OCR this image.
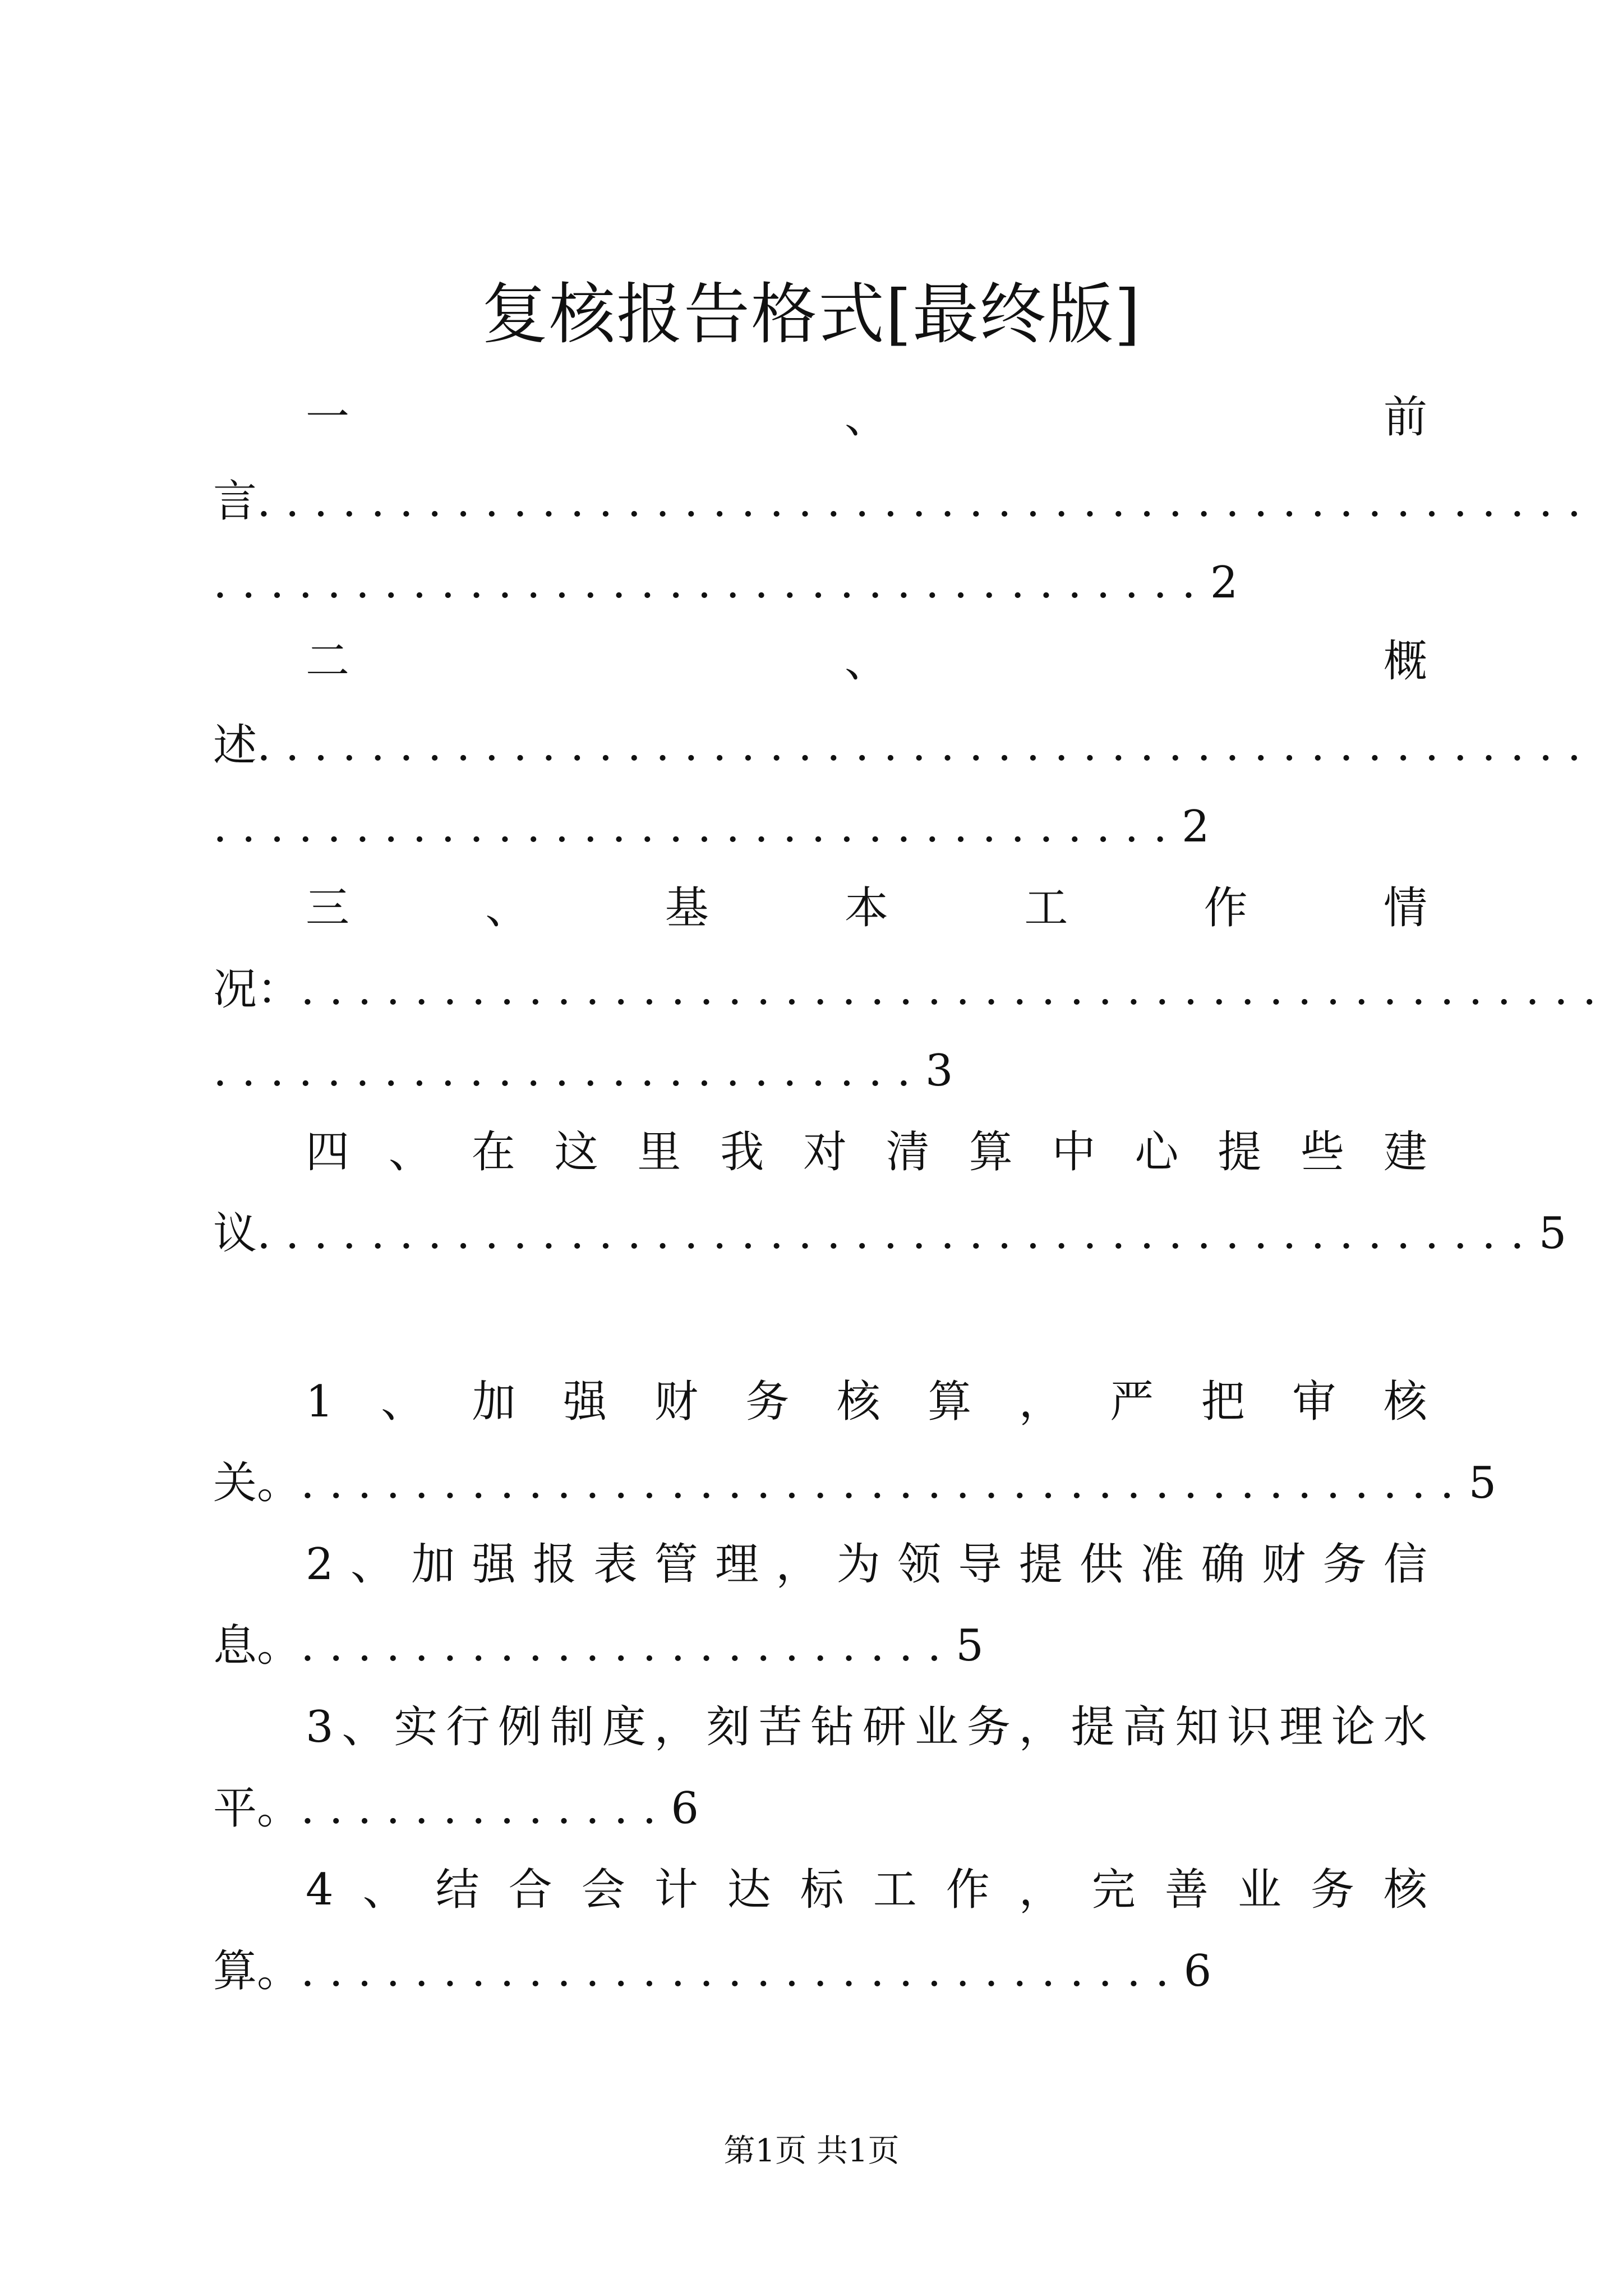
复核报告格式[最终版]
一	、	前
言 ...............................................
................................... 2
二	、	概
述 ...............................................
.................................. 2
三	、	基	本	工	作	情
况： ..............................................
......................... 3
四 、 在 这 里 我 对 清 算 中 心 提 些 建
议 ............................................. 5
1 、 加 强 财 务 核 算 ， 严 把 审 核
关。 ......................................... 5
2 、 加 强 报 表 管 理 ， 为 领 导 提 供 准 确 财 务 信
息。 ....................... 5
3 、 实 行 例 制 度 ， 刻 苦 钻 研 业 务 ， 提 高 知 识 理 论 水
平。 ............. 6
4 、 结 合 会 计 达 标 工 作 ， 完 善 业 务 核
算。 ............................... 6
第1页 共1页
